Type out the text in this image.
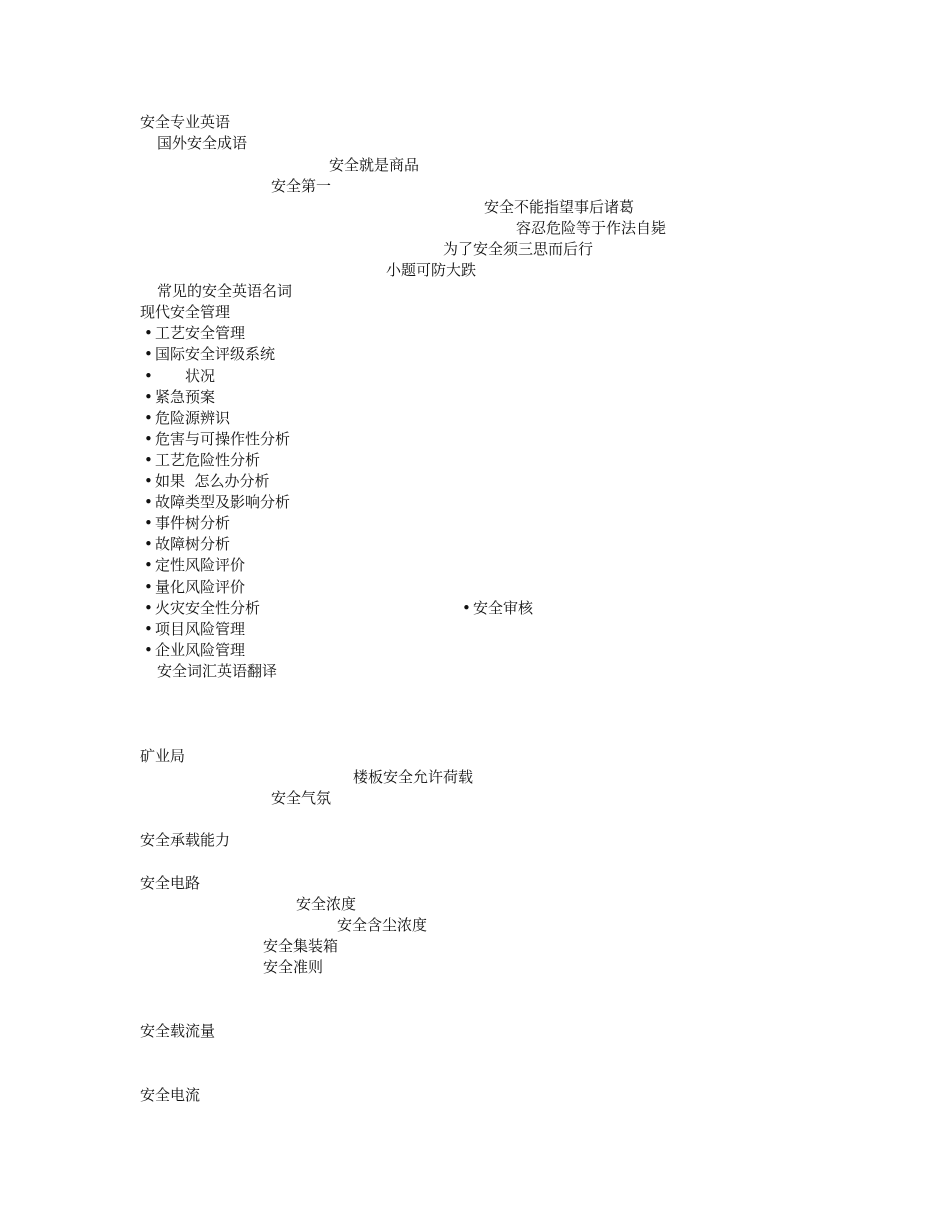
安全专业英语
国外安全成语
安全就是商品
安全第一
安全不能指望事后诸葛
容忍危险等于作法自毙
为了安全须三思而后行
小题可防大跌
常见的安全英语名词
现代安全管理
• 工艺安全管理
• 国际安全评级系统
• 状况
• 紧急预案
• 危险源辨识
• 危害与可操作性分析
• 工艺危险性分析
• 如果  怎么办分析
• 故障类型及影响分析
• 事件树分析
• 故障树分析
• 定性风险评价
• 量化风险评价
• 火灾安全性分析	• 安全审核
• 项目风险管理
• 企业风险管理
安全词汇英语翻译
矿业局
楼板安全允许荷载
安全气氛
安全承载能力
安全电路
安全浓度
安全含尘浓度
安全集装箱
安全准则
安全载流量
安全电流
